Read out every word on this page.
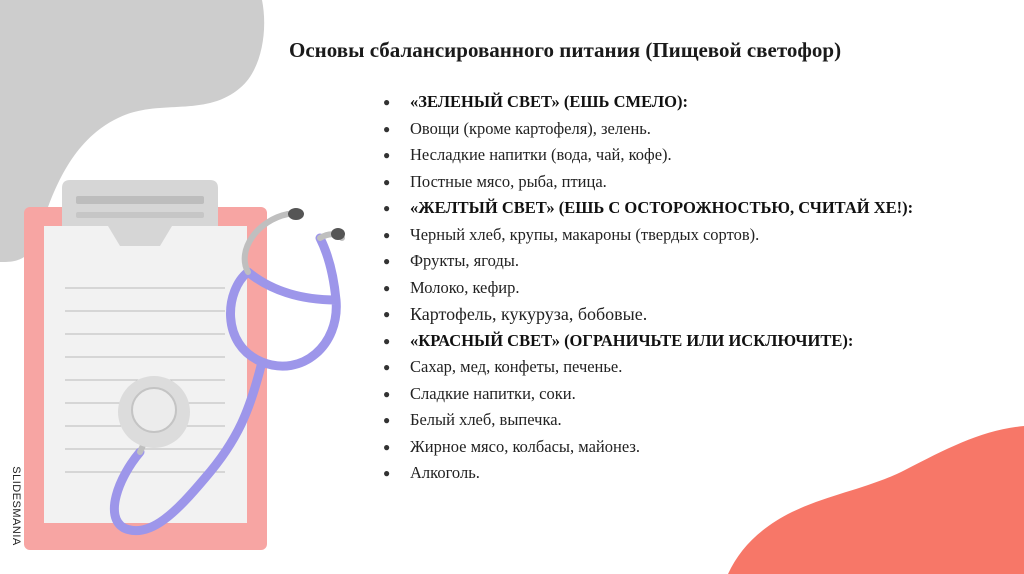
Основы сбалансированного питания (Пищевой светофор)
● «ЗЕЛЕНЫЙ СВЕТ» (ЕШЬ СМЕЛО):
● Овощи (кроме картофеля), зелень.
● Несладкие напитки (вода, чай, кофе).
● Постные мясо, рыба, птица.
● «ЖЕЛТЫЙ СВЕТ» (ЕШЬ С ОСТОРОЖНОСТЬЮ, СЧИТАЙ ХЕ!):
● Черный хлеб, крупы, макароны (твердых сортов).
● Фрукты, ягоды.
● Молоко, кефир.
● Картофель, кукуруза, бобовые.
● «КРАСНЫЙ СВЕТ» (ОГРАНИЧЬТЕ ИЛИ ИСКЛЮЧИТЕ):
● Сахар, мед, конфеты, печенье.
● Сладкие напитки, соки.
● Белый хлеб, выпечка.
● Жирное мясо, колбасы, майонез.
● Алкоголь.
SLIDESMANIA
